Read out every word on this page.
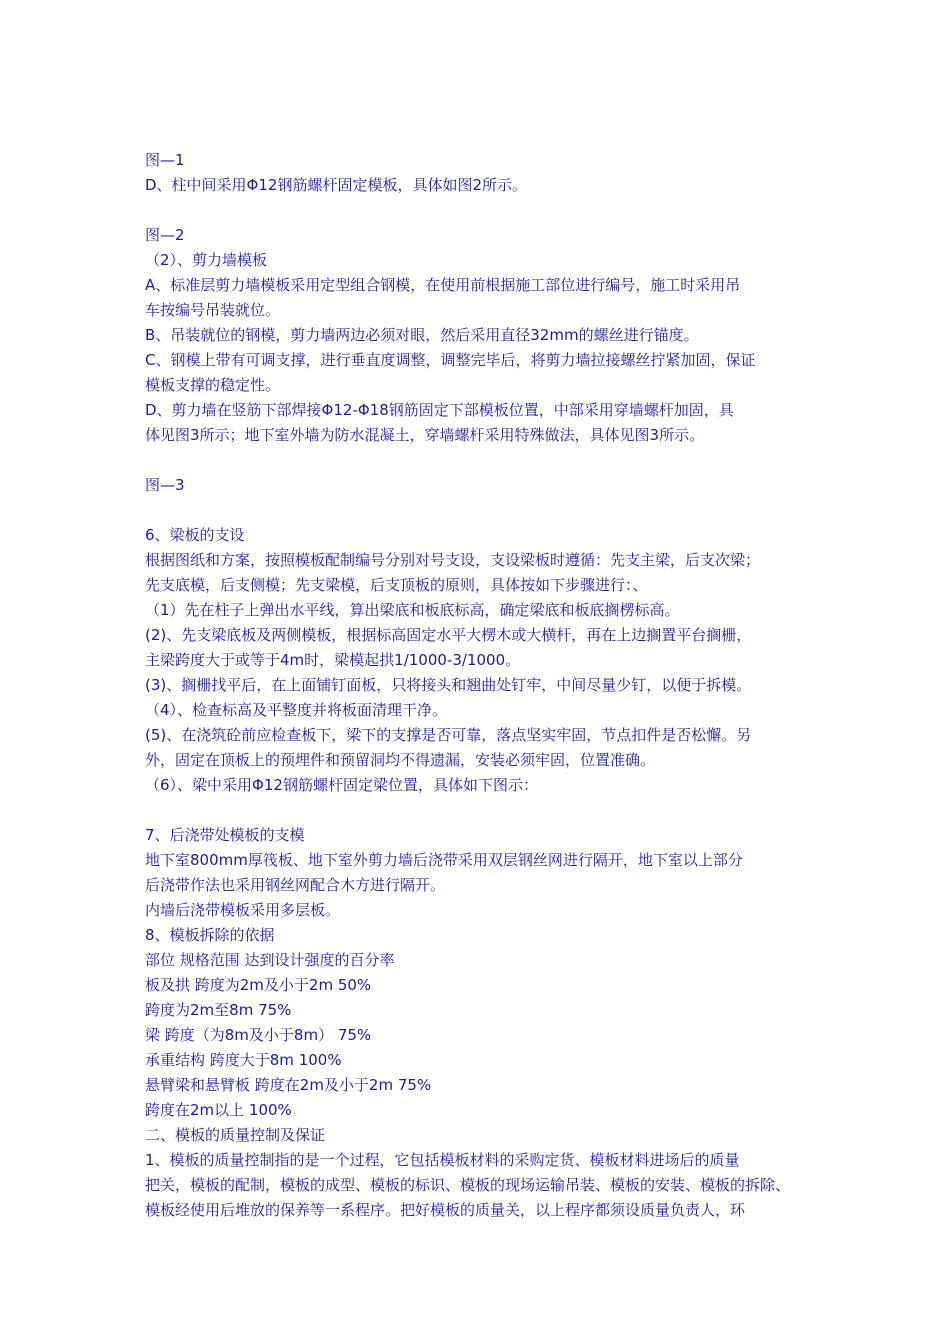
图—1
D、柱中间采用Φ12钢筋螺杆固定模板，具体如图2所示。
图—2
（2）、剪力墙模板
A、标准层剪力墙模板采用定型组合钢模，在使用前根据施工部位进行编号，施工时采用吊
车按编号吊装就位。
B、吊装就位的钢模，剪力墙两边必须对眼，然后采用直径32mm的螺丝进行锚度。
C、钢模上带有可调支撑，进行垂直度调整，调整完毕后，将剪力墙拉接螺丝拧紧加固，保证
模板支撑的稳定性。
D、剪力墙在竖筋下部焊接Φ12-Φ18钢筋固定下部模板位置，中部采用穿墙螺杆加固，具
体见图3所示；地下室外墙为防水混凝土，穿墙螺杆采用特殊做法，具体见图3所示。
图—3
6、梁板的支设
根据图纸和方案，按照模板配制编号分别对号支设，支设梁板时遵循：先支主梁，后支次梁；
先支底模，后支侧模；先支梁模，后支顶板的原则，具体按如下步骤进行：、
（1）先在柱子上弹出水平线，算出梁底和板底标高，确定梁底和板底搁楞标高。
(2)、先支梁底板及两侧模板，根据标高固定水平大楞木或大横杆，再在上边搁置平台搁栅，
主梁跨度大于或等于4m时，梁模起拱1/1000-3/1000。
(3)、搁栅找平后，在上面铺钉面板，只将接头和翘曲处钉牢，中间尽量少钉，以便于拆模。
（4）、检查标高及平整度并将板面清理干净。
(5)、在浇筑砼前应检查板下，梁下的支撑是否可靠，落点坚实牢固，节点扣件是否松懈。另
外，固定在顶板上的预埋件和预留洞均不得遗漏，安装必须牢固，位置准确。
（6）、梁中采用Φ12钢筋螺杆固定梁位置，具体如下图示：
7、后浇带处模板的支模
地下室800mm厚筏板、地下室外剪力墙后浇带采用双层钢丝网进行隔开，地下室以上部分
后浇带作法也采用钢丝网配合木方进行隔开。
内墙后浇带模板采用多层板。
8、模板拆除的依据
部位 规格范围 达到设计强度的百分率
板及拱 跨度为2m及小于2m 50%
跨度为2m至8m 75%
梁 跨度（为8m及小于8m） 75%
承重结构 跨度大于8m 100%
悬臂梁和悬臂板 跨度在2m及小于2m 75%
跨度在2m以上 100%
二、模板的质量控制及保证
1、模板的质量控制指的是一个过程，它包括模板材料的采购定货、模板材料进场后的质量
把关，模板的配制，模板的成型、模板的标识、模板的现场运输吊装、模板的安装、模板的拆除、
模板经使用后堆放的保养等一系程序。把好模板的质量关，以上程序都须设质量负责人，环
